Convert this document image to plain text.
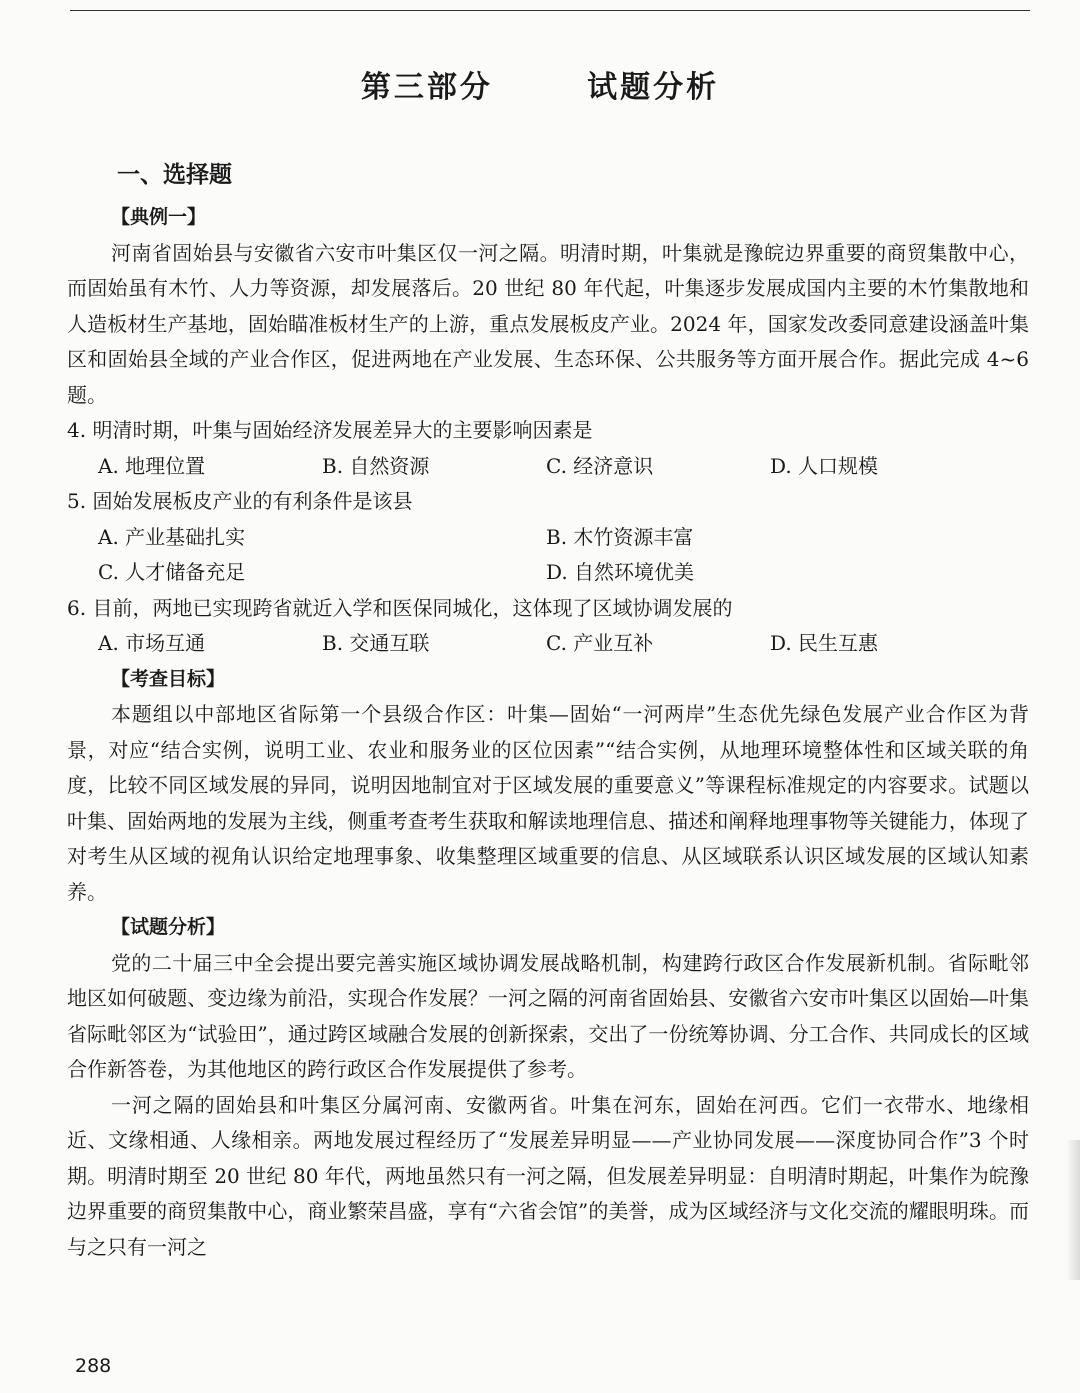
第三部分   试题分析
一、选择题

【典例一】

河南省固始县与安徽省六安市叶集区仅一河之隔。明清时期，叶集就是豫皖边界重要的商贸集散中心，而固始虽有木竹、人力等资源，却发展落后。20 世纪 80 年代起，叶集逐步发展成国内主要的木竹集散地和人造板材生产基地，固始瞄准板材生产的上游，重点发展板皮产业。2024 年，国家发改委同意建设涵盖叶集区和固始县全域的产业合作区，促进两地在产业发展、生态环保、公共服务等方面开展合作。据此完成 4~6 题。

4. 明清时期，叶集与固始经济发展差异大的主要影响因素是

A. 地理位置	B. 自然资源	C. 经济意识	D. 人口规模

5. 固始发展板皮产业的有利条件是该县

A. 产业基础扎实	B. 木竹资源丰富
C. 人才储备充足	D. 自然环境优美

6. 目前，两地已实现跨省就近入学和医保同城化，这体现了区域协调发展的

A. 市场互通	B. 交通互联	C. 产业互补	D. 民生互惠

【考查目标】

本题组以中部地区省际第一个县级合作区：叶集—固始“一河两岸”生态优先绿色发展产业合作区为背景，对应“结合实例，说明工业、农业和服务业的区位因素”“结合实例，从地理环境整体性和区域关联的角度，比较不同区域发展的异同，说明因地制宜对于区域发展的重要意义”等课程标准规定的内容要求。试题以叶集、固始两地的发展为主线，侧重考查考生获取和解读地理信息、描述和阐释地理事物等关键能力，体现了对考生从区域的视角认识给定地理事象、收集整理区域重要的信息、从区域联系认识区域发展的区域认知素养。

【试题分析】

党的二十届三中全会提出要完善实施区域协调发展战略机制，构建跨行政区合作发展新机制。省际毗邻地区如何破题、变边缘为前沿，实现合作发展？一河之隔的河南省固始县、安徽省六安市叶集区以固始—叶集省际毗邻区为“试验田”，通过跨区域融合发展的创新探索，交出了一份统筹协调、分工合作、共同成长的区域合作新答卷，为其他地区的跨行政区合作发展提供了参考。

一河之隔的固始县和叶集区分属河南、安徽两省。叶集在河东，固始在河西。它们一衣带水、地缘相近、文缘相通、人缘相亲。两地发展过程经历了“发展差异明显——产业协同发展——深度协同合作”3 个时期。明清时期至 20 世纪 80 年代，两地虽然只有一河之隔，但发展差异明显：自明清时期起，叶集作为皖豫边界重要的商贸集散中心，商业繁荣昌盛，享有“六省会馆”的美誉，成为区域经济与文化交流的耀眼明珠。而与之只有一河之

288
